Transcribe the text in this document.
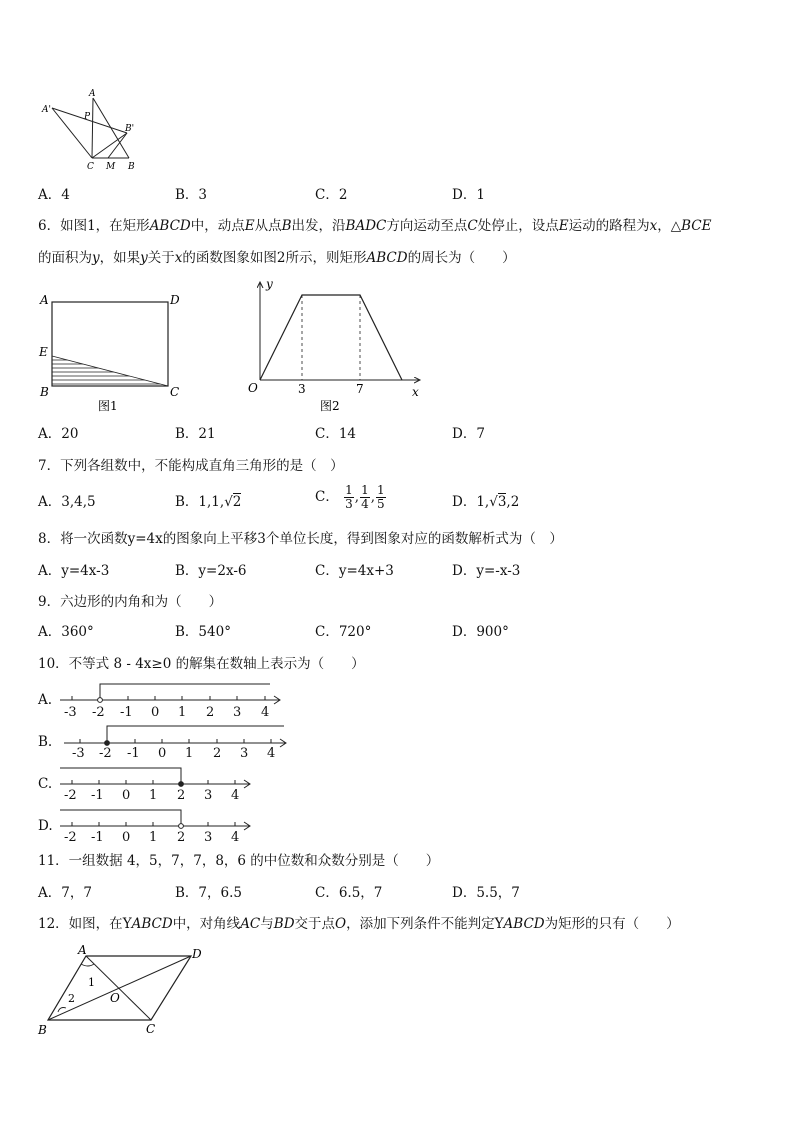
A
A'
P
B'
C M B
A．4	B．3	C．2	D．1
6．如图1，在矩形ABCD中，动点E从点B出发，沿BADC方向运动至点C处停止，设点E运动的路程为x，△BCE
的面积为y，如果y关于x的函数图象如图2所示，则矩形ABCD的周长为（　　）
A	D
E
B	C
图1
y
O	3	7	x
图2
A．20	B．21	C．14	D．7
7．下列各组数中，不能构成直角三角形的是（　）
A．3,4,5	B．1,1,√2	C． $\frac{1}{3}$ , $\frac{1}{4}$ , $\frac{1}{5}$	D．1,√3,2
8．将一次函数y=4x的图象向上平移3个单位长度，得到图象对应的函数解析式为（　）
A．y=4x-3	B．y=2x-6	C．y=4x+3	D．y=-x-3
9．六边形的内角和为（　　）
A．360°	B．540°	C．720°	D．900°
10．不等式 8 - 4x≥0 的解集在数轴上表示为（　　）
A.
-3 -2 -1 0 1 2 3 4
B.
-3 -2 -1 0 1 2 3 4
C.
-2 -1 0 1 2 3 4
D.
-2 -1 0 1 2 3 4
11．一组数据 4，5，7，7，8，6 的中位数和众数分别是（　　）
A．7，7	B．7，6.5	C．6.5，7	D．5.5，7
12．如图，在YABCD中，对角线AC与BD交于点O，添加下列条件不能判定YABCD为矩形的只有（　　）
A	D
B	C
O
1
2
